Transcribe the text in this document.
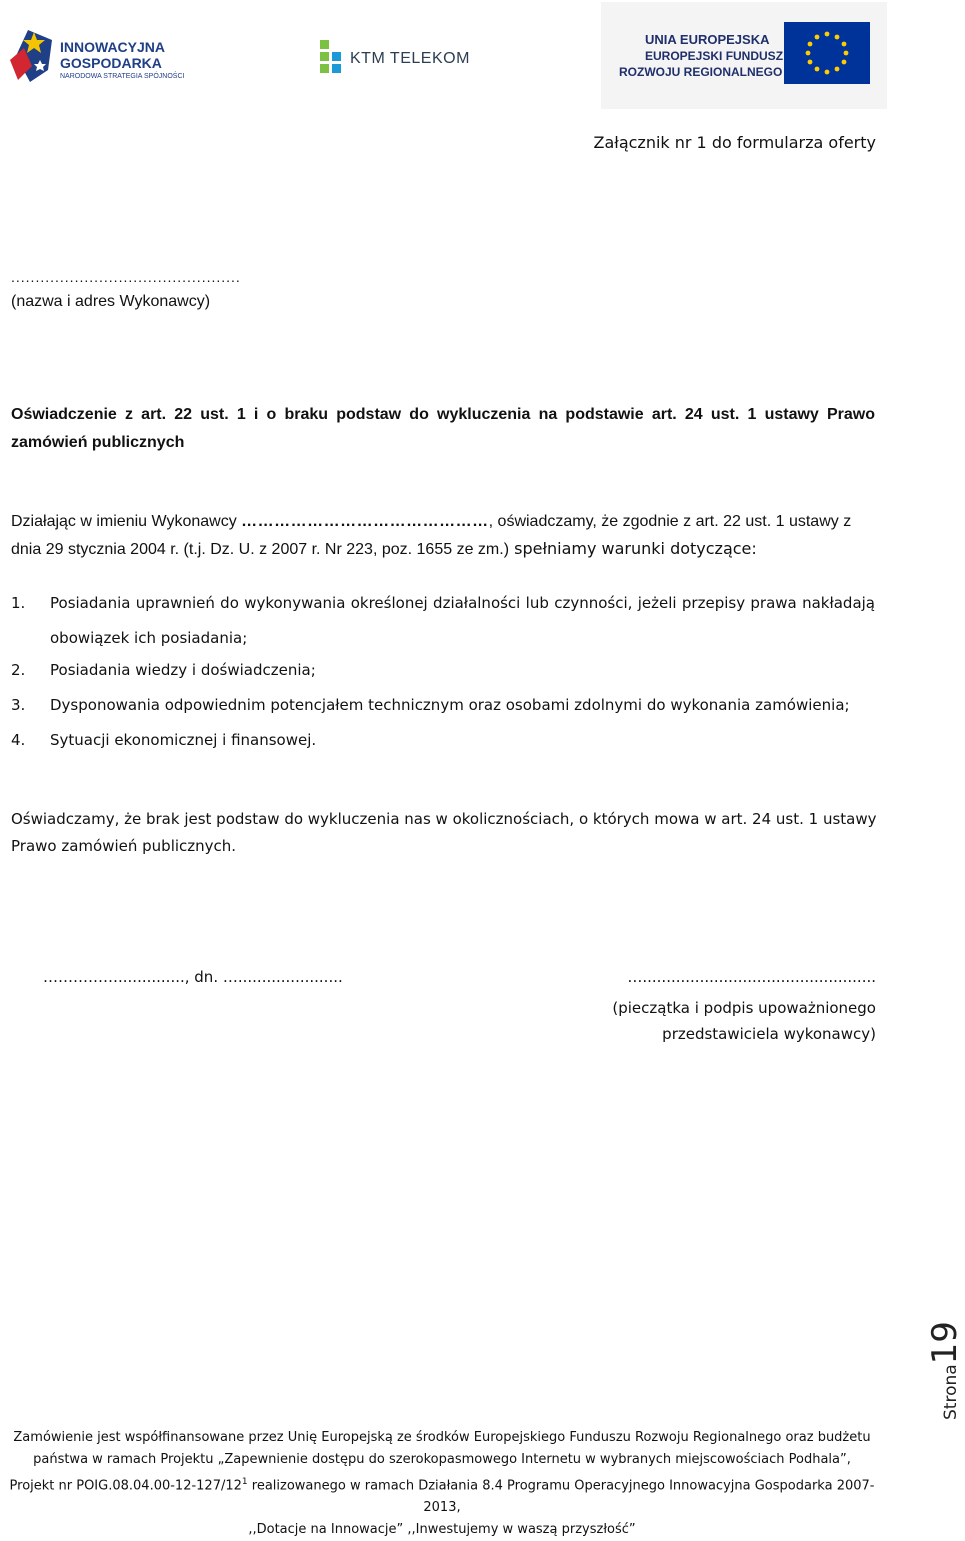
INNOWACYJNA
GOSPODARKA
NARODOWA STRATEGIA SPÓJNOŚCI
KTM TELEKOM
UNIA EUROPEJSKA
EUROPEJSKI FUNDUSZ
ROZWOJU REGIONALNEGO
Załącznik nr 1 do formularza oferty
...............................................
(nazwa i adres Wykonawcy)
Oświadczenie z art. 22 ust. 1 i o braku podstaw do wykluczenia na podstawie art. 24 ust. 1 ustawy Prawo zamówień publicznych
Działając w imieniu Wykonawcy ………………………………………, oświadczamy, że zgodnie z art. 22 ust. 1 ustawy z dnia 29 stycznia 2004 r. (t.j. Dz. U. z 2007 r. Nr 223, poz. 1655 ze zm.) spełniamy warunki dotyczące:
1. Posiadania uprawnień do wykonywania określonej działalności lub czynności, jeżeli przepisy prawa nakładają obowiązek ich posiadania;
2. Posiadania wiedzy i doświadczenia;
3. Dysponowania odpowiednim potencjałem technicznym oraz osobami zdolnymi do wykonania zamówienia;
4. Sytuacji ekonomicznej i finansowej.
Oświadczamy, że brak jest podstaw do wykluczenia nas w okolicznościach, o których mowa w art. 24 ust. 1 ustawy Prawo zamówień publicznych.
…………….............., dn. …......................	….................................................
(pieczątka i podpis upoważnionego przedstawiciela wykonawcy)
Strona19
Zamówienie jest współfinansowane przez Unię Europejską ze środków Europejskiego Funduszu Rozwoju Regionalnego oraz budżetu
państwa w ramach Projektu „Zapewnienie dostępu do szerokopasmowego Internetu w wybranych miejscowościach Podhala”,
Projekt nr $POIG.08.04.00-12-127/12^1$ realizowanego w ramach Działania 8.4 Programu Operacyjnego Innowacyjna Gospodarka 2007-2013,
,,Dotacje na Innowacje” ,,Inwestujemy w waszą przyszłość”
